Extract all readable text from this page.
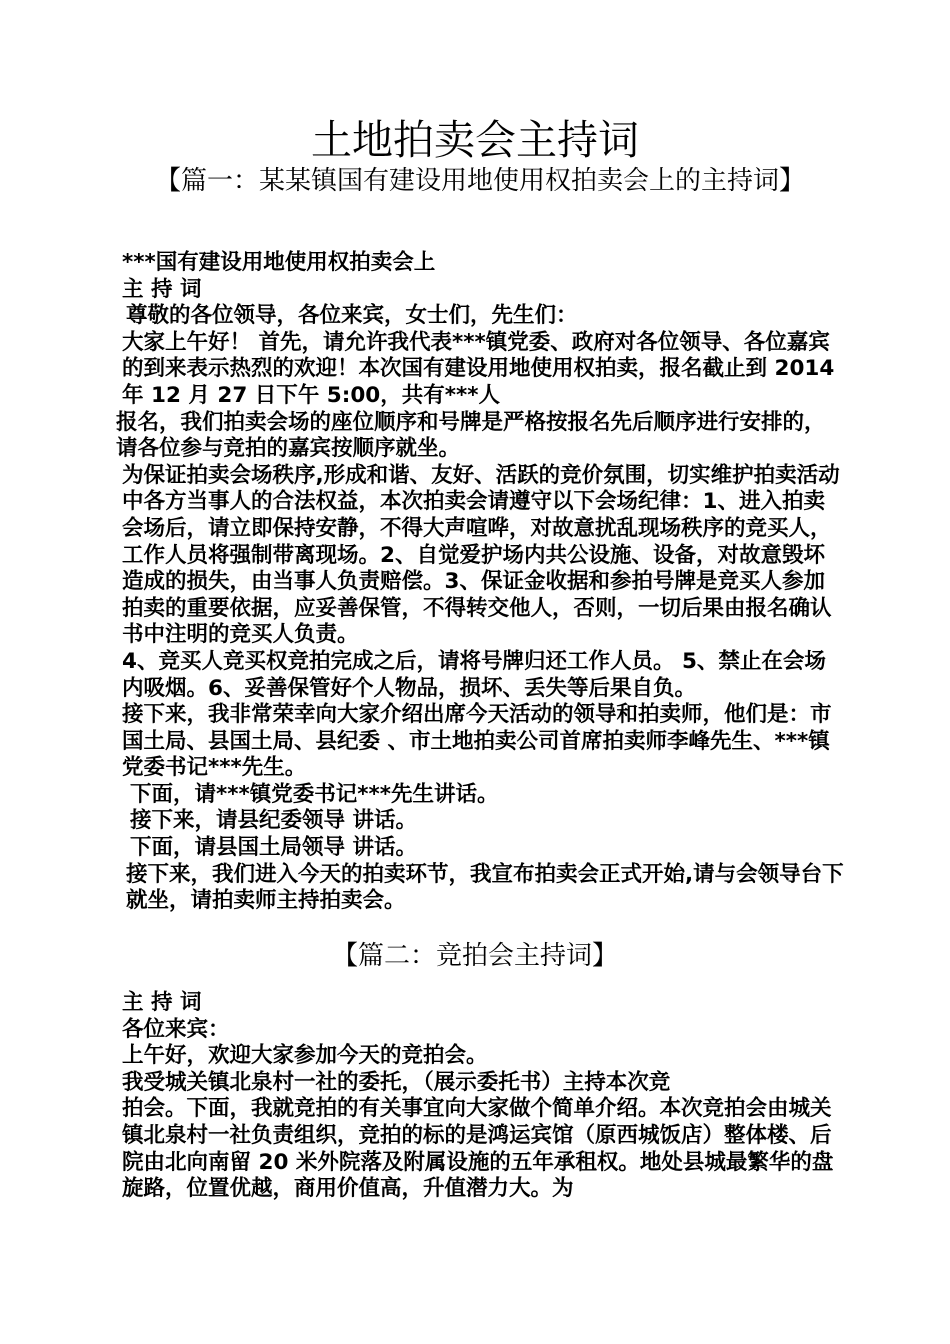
土地拍卖会主持词
【篇一：某某镇国有建设用地使用权拍卖会上的主持词】

***国有建设用地使用权拍卖会上

主 持 词

尊敬的各位领导，各位来宾，女士们，先生们：

大家上午好！ 首先，请允许我代表***镇党委、政府对各位领导、各位嘉宾的到来表示热烈的欢迎！本次国有建设用地使用权拍卖，报名截止到 2014 年 12 月 27 日下午 5:00，共有***人

报名，我们拍卖会场的座位顺序和号牌是严格按报名先后顺序进行安排的，请各位参与竞拍的嘉宾按顺序就坐。

为保证拍卖会场秩序,形成和谐、友好、活跃的竞价氛围，切实维护拍卖活动中各方当事人的合法权益，本次拍卖会请遵守以下会场纪律：1、进入拍卖会场后，请立即保持安静，不得大声喧哗，对故意扰乱现场秩序的竞买人，工作人员将强制带离现场。2、自觉爱护场内共公设施、设备，对故意毁坏造成的损失，由当事人负责赔偿。3、保证金收据和参拍号牌是竞买人参加拍卖的重要依据，应妥善保管，不得转交他人，否则，一切后果由报名确认书中注明的竞买人负责。

4、竞买人竞买权竞拍完成之后，请将号牌归还工作人员。 5、禁止在会场内吸烟。6、妥善保管好个人物品，损坏、丢失等后果自负。

接下来，我非常荣幸向大家介绍出席今天活动的领导和拍卖师，他们是：市国土局、县国土局、县纪委 、市土地拍卖公司首席拍卖师李峰先生、***镇党委书记***先生。

下面，请***镇党委书记***先生讲话。

接下来，请县纪委领导 讲话。

下面，请县国土局领导 讲话。

接下来，我们进入今天的拍卖环节，我宣布拍卖会正式开始,请与会领导台下就坐，请拍卖师主持拍卖会。

【篇二：竞拍会主持词】

主 持 词

各位来宾：

上午好，欢迎大家参加今天的竞拍会。

我受城关镇北泉村一社的委托，（展示委托书）主持本次竞

拍会。下面，我就竞拍的有关事宜向大家做个简单介绍。本次竞拍会由城关镇北泉村一社负责组织，竞拍的标的是鸿运宾馆（原西城饭店）整体楼、后院由北向南留 20 米外院落及附属设施的五年承租权。地处县城最繁华的盘旋路，位置优越，商用价值高，升值潜力大。为
